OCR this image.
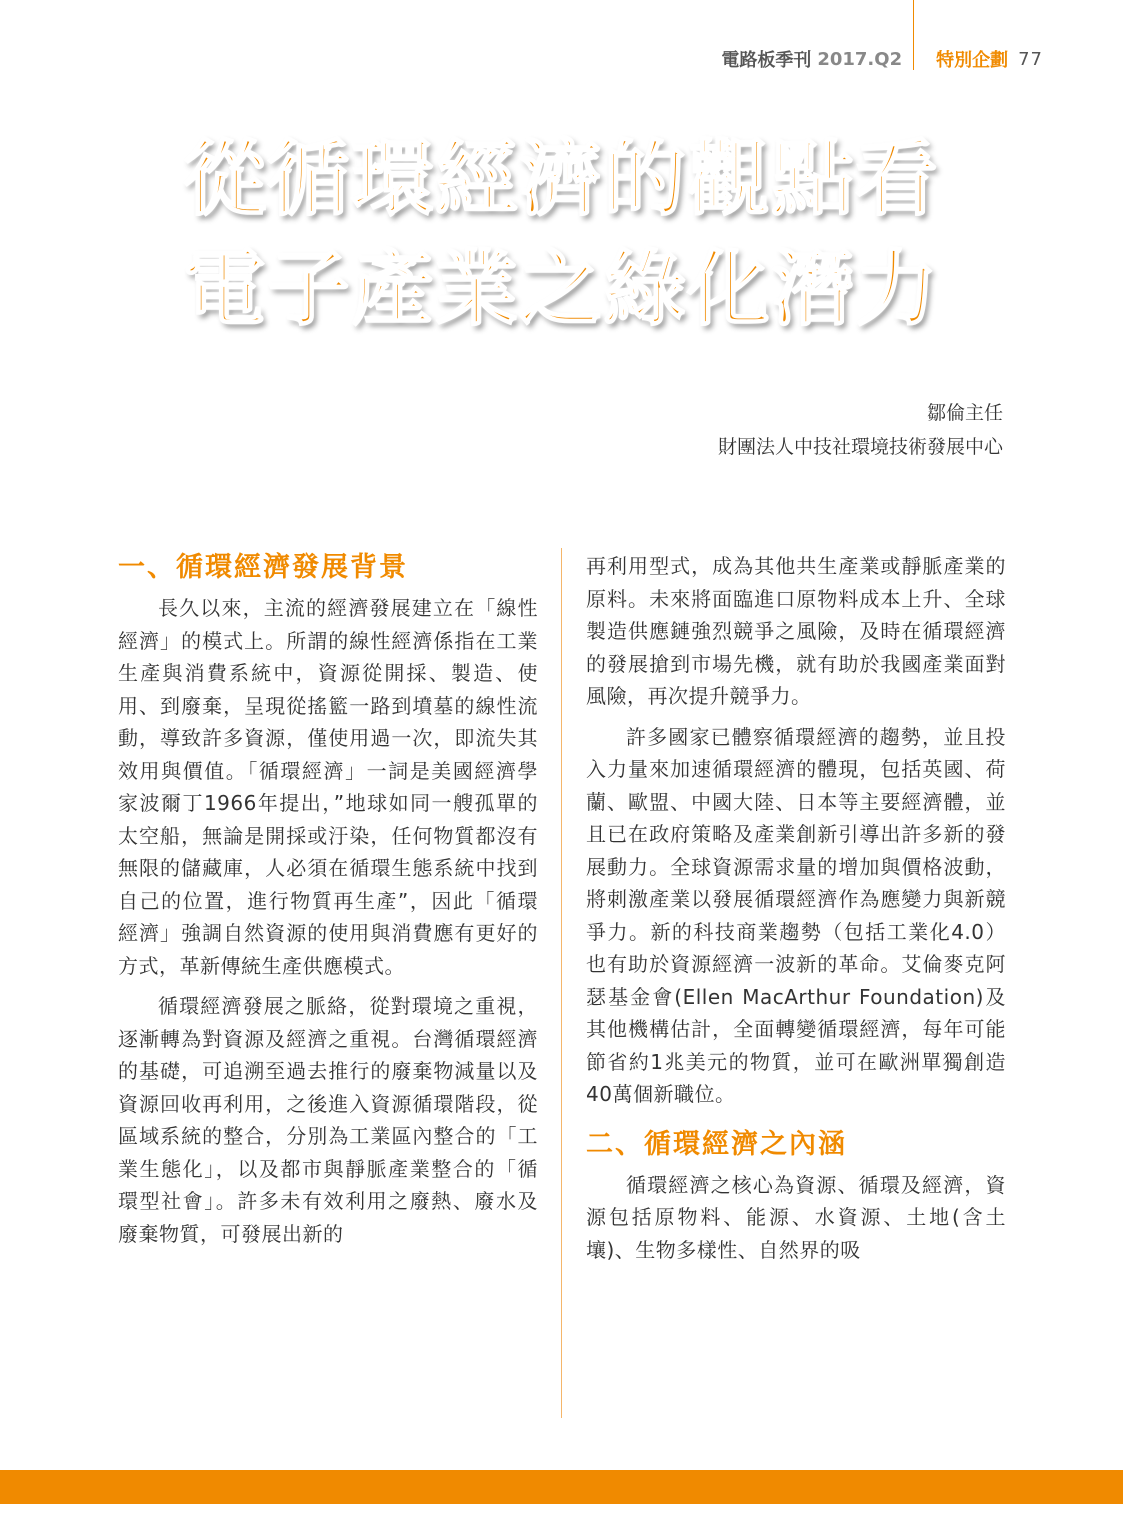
電路板季刊 2017.Q2 特別企劃 77
從循環經濟的觀點看
電子產業之綠化潛力
鄒倫主任
財團法人中技社環境技術發展中心
一、循環經濟發展背景

長久以來，主流的經濟發展建立在「線性經濟」的模式上。所謂的線性經濟係指在工業生產與消費系統中，資源從開採、製造、使用、到廢棄，呈現從搖籃一路到墳墓的線性流動，導致許多資源，僅使用過一次，即流失其效用與價值。「循環經濟」一詞是美國經濟學家波爾丁1966年提出，”地球如同一艘孤單的太空船，無論是開採或汙染，任何物質都沒有無限的儲藏庫，人必須在循環生態系統中找到自己的位置，進行物質再生產”，因此「循環經濟」強調自然資源的使用與消費應有更好的方式，革新傳統生產供應模式。

循環經濟發展之脈絡，從對環境之重視，逐漸轉為對資源及經濟之重視。台灣循環經濟的基礎，可追溯至過去推行的廢棄物減量以及資源回收再利用，之後進入資源循環階段，從區域系統的整合，分別為工業區內整合的「工業生態化」，以及都市與靜脈產業整合的「循環型社會」。許多未有效利用之廢熱、廢水及廢棄物質，可發展出新的

再利用型式，成為其他共生產業或靜脈產業的原料。未來將面臨進口原物料成本上升、全球製造供應鏈強烈競爭之風險，及時在循環經濟的發展搶到市場先機，就有助於我國產業面對風險，再次提升競爭力。

許多國家已體察循環經濟的趨勢，並且投入力量來加速循環經濟的體現，包括英國、荷蘭、歐盟、中國大陸、日本等主要經濟體，並且已在政府策略及產業創新引導出許多新的發展動力。全球資源需求量的增加與價格波動，將刺激產業以發展循環經濟作為應變力與新競爭力。新的科技商業趨勢（包括工業化4.0）也有助於資源經濟一波新的革命。艾倫麥克阿瑟基金會(Ellen MacArthur Foundation)及其他機構估計，全面轉變循環經濟，每年可能節省約1兆美元的物質，並可在歐洲單獨創造40萬個新職位。

二、循環經濟之內涵

循環經濟之核心為資源、循環及經濟，資源包括原物料、能源、水資源、土地(含土壤)、生物多樣性、自然界的吸
